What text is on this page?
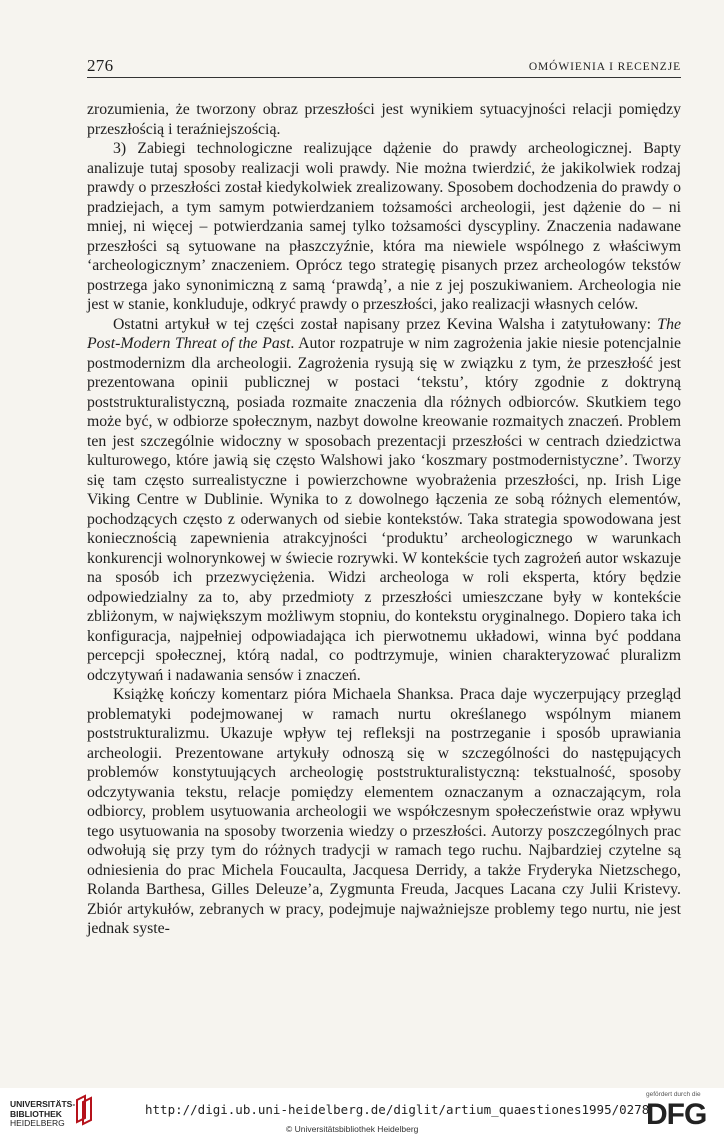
276	OMÓWIENIA I RECENZJE

zrozumienia, że tworzony obraz przeszłości jest wynikiem sytuacyjności relacji pomiędzy przeszłością i teraźniejszością.

3) Zabiegi technologiczne realizujące dążenie do prawdy archeologicznej. Bapty analizuje tutaj sposoby realizacji woli prawdy. Nie można twierdzić, że jakikolwiek rodzaj prawdy o przeszłości został kiedykolwiek zrealizowany. Sposobem dochodzenia do prawdy o pradziejach, a tym samym potwierdzaniem tożsamości archeologii, jest dążenie do – ni mniej, ni więcej – potwierdzania samej tylko tożsamości dyscypliny. Znaczenia nadawane przeszłości są sytuowane na płaszczyźnie, która ma niewiele wspólnego z właściwym ‘archeologicznym’ znaczeniem. Oprócz tego strategię pisanych przez archeologów tekstów postrzega jako synonimiczną z samą ‘prawdą’, a nie z jej poszukiwaniem. Archeologia nie jest w stanie, konkluduje, odkryć prawdy o przeszłości, jako realizacji własnych celów.

Ostatni artykuł w tej części został napisany przez Kevina Walsha i zatytułowany: The Post-Modern Threat of the Past. Autor rozpatruje w nim zagrożenia jakie niesie potencjalnie postmodernizm dla archeologii. Zagrożenia rysują się w związku z tym, że przeszłość jest prezentowana opinii publicznej w postaci ‘tekstu’, który zgodnie z doktryną poststrukturalistyczną, posiada rozmaite znaczenia dla różnych odbiorców. Skutkiem tego może być, w odbiorze społecznym, nazbyt dowolne kreowanie rozmaitych znaczeń. Problem ten jest szczególnie widoczny w sposobach prezentacji przeszłości w centrach dziedzictwa kulturowego, które jawią się często Walshowi jako ‘koszmary postmodernistyczne’. Tworzy się tam często surrealistyczne i powierzchowne wyobrażenia przeszłości, np. Irish Lige Viking Centre w Dublinie. Wynika to z dowolnego łączenia ze sobą różnych elementów, pochodzących często z oderwanych od siebie kontekstów. Taka strategia spowodowana jest koniecznością zapewnienia atrakcyjności ‘produktu’ archeologicznego w warunkach konkurencji wolnorynkowej w świecie rozrywki. W kontekście tych zagrożeń autor wskazuje na sposób ich przezwyciężenia. Widzi archeologa w roli eksperta, który będzie odpowiedzialny za to, aby przedmioty z przeszłości umieszczane były w kontekście zbliżonym, w największym możliwym stopniu, do kontekstu oryginalnego. Dopiero taka ich konfiguracja, najpełniej odpowiadająca ich pierwotnemu układowi, winna być poddana percepcji społecznej, którą nadal, co podtrzymuje, winien charakteryzować pluralizm odczytywań i nadawania sensów i znaczeń.

Książkę kończy komentarz pióra Michaela Shanksa. Praca daje wyczerpujący przegląd problematyki podejmowanej w ramach nurtu określanego wspólnym mianem poststrukturalizmu. Ukazuje wpływ tej refleksji na postrzeganie i sposób uprawiania archeologii. Prezentowane artykuły odnoszą się w szczególności do następujących problemów konstytuujących archeologię poststrukturalistyczną: tekstualność, sposoby odczytywania tekstu, relacje pomiędzy elementem oznaczanym a oznaczającym, rola odbiorcy, problem usytuowania archeologii we współczesnym społeczeństwie oraz wpływu tego usytuowania na sposoby tworzenia wiedzy o przeszłości. Autorzy poszczególnych prac odwołują się przy tym do różnych tradycji w ramach tego ruchu. Najbardziej czytelne są odniesienia do prac Michela Foucaulta, Jacquesa Derridy, a także Fryderyka Nietzschego, Rolanda Barthesa, Gilles Deleuze’a, Zygmunta Freuda, Jacques Lacana czy Julii Kristevy. Zbiór artykułów, zebranych w pracy, podejmuje najważniejsze problemy tego nurtu, nie jest jednak syste-

UNIVERSITÄTS-
BIBLIOTHEK
HEIDELBERG
http://digi.ub.uni-heidelberg.de/diglit/artium_quaestiones1995/0278
© Universitätsbibliothek Heidelberg
gefördert durch die
DFG
